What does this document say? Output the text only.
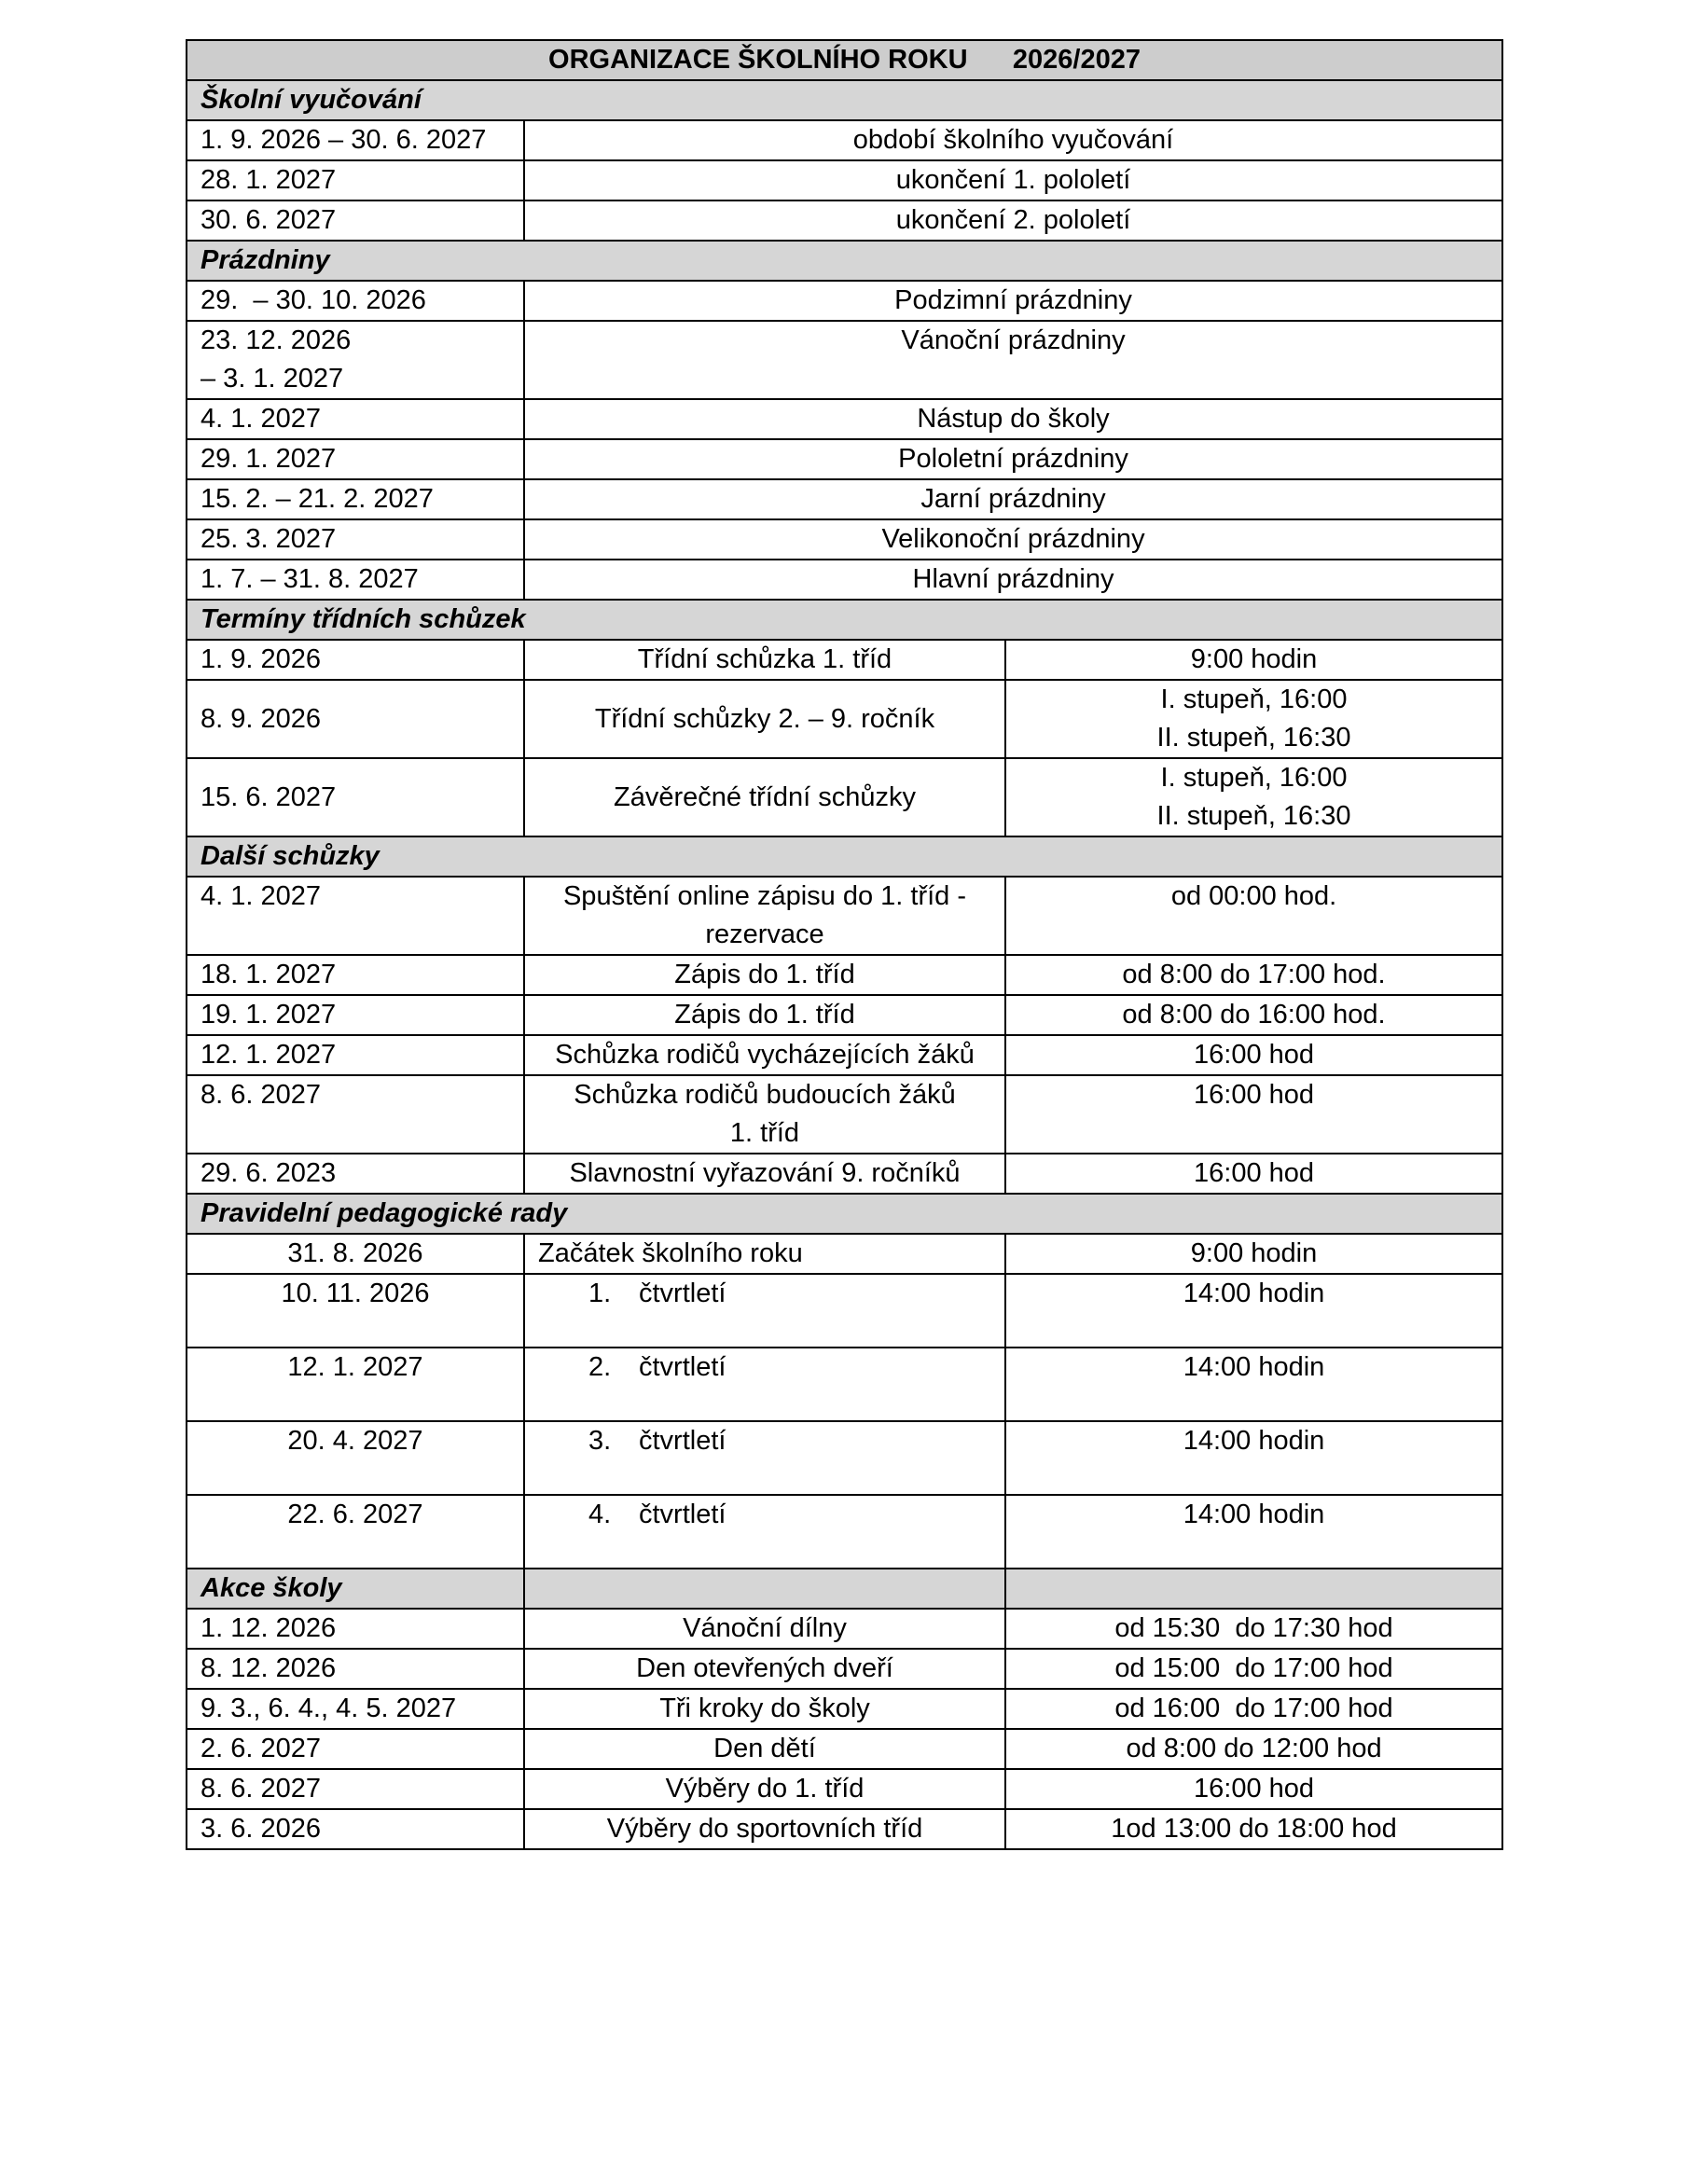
ORGANIZACE ŠKOLNÍHO ROKU      2026/2027		
Školní vyučování		
1. 9. 2026 – 30. 6. 2027	období školního vyučování	
28. 1. 2027	ukončení 1. pololetí	
30. 6. 2027	ukončení 2. pololetí	
Prázdniny		
29.  – 30. 10. 2026	Podzimní prázdniny	

23. 12. 2026
– 3. 1. 2027	Vánoční prázdniny	
4. 1. 2027	Nástup do školy	
29. 1. 2027	Pololetní prázdniny	
15. 2. – 21. 2. 2027	Jarní prázdniny	
25. 3. 2027	Velikonoční prázdniny	
1. 7. – 31. 8. 2027	Hlavní prázdniny	
Termíny třídních schůzek		
1. 9. 2026	Třídní schůzka 1. tříd	9:00 hodin
8. 9. 2026	Třídní schůzky 2. – 9. ročník	I. stupeň, 16:00
II. stupeň, 16:30

15. 6. 2027	Závěrečné třídní schůzky	I. stupeň, 16:00
II. stupeň, 16:30

Další schůzky		
4. 1. 2027	Spuštění online zápisu do 1. tříd -
rezervace	od 00:00 hod.
18. 1. 2027	Zápis do 1. tříd	od 8:00 do 17:00 hod.
19. 1. 2027	Zápis do 1. tříd	od 8:00 do 16:00 hod.
12. 1. 2027	Schůzka rodičů vycházejících žáků	16:00 hod
8. 6. 2027	Schůzka rodičů budoucích žáků
1. tříd	16:00 hod
29. 6. 2023	Slavnostní vyřazování 9. ročníků	16:00 hod
Pravidelní pedagogické rady		
31. 8. 2026	Začátek školního roku	9:00 hodin
10. 11. 2026	1. čtvrtletí	14:00 hodin
12. 1. 2027	2. čtvrtletí	14:00 hodin
20. 4. 2027	3. čtvrtletí	14:00 hodin
22. 6. 2027	4. čtvrtletí	14:00 hodin
Akce školy		
1. 12. 2026	Vánoční dílny	od 15:30  do 17:30 hod
8. 12. 2026	Den otevřených dveří	od 15:00  do 17:00 hod
9. 3., 6. 4., 4. 5. 2027	Tři kroky do školy	od 16:00  do 17:00 hod
2. 6. 2027	Den dětí	od 8:00 do 12:00 hod
8. 6. 2027	Výběry do 1. tříd	16:00 hod
3. 6. 2026	Výběry do sportovních tříd	1od 13:00 do 18:00 hod
